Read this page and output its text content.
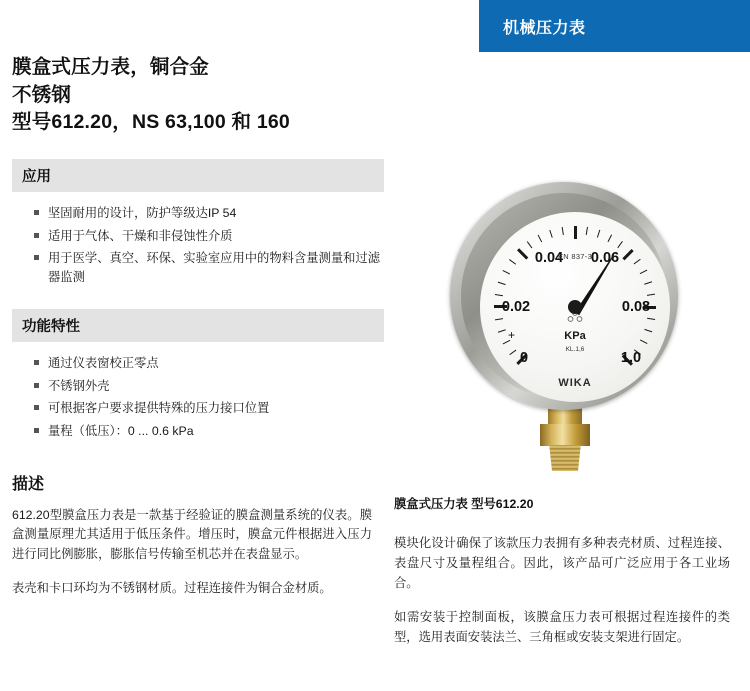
机械压力表
膜盒式压力表，铜合金
不锈钢
型号612.20，NS 63,100 和 160
应用
坚固耐用的设计，防护等级达IP 54
适用于气体、干燥和非侵蚀性介质
用于医学、真空、环保、实验室应用中的物料含量测量和过滤器监测
功能特性
通过仪表窗校正零点
不锈钢外壳
可根据客户要求提供特殊的压力接口位置
量程（低压）：0 ... 0.6 kPa
描述

612.20型膜盒压力表是一款基于经验证的膜盒测量系统的仪表。膜盒测量原理尤其适用于低压条件。增压时，膜盒元件根据进入压力进行同比例膨胀，膨胀信号传输至机芯并在表盘显示。

表壳和卡口环均为不锈钢材质。过程连接件为铜合金材质。

0
0.02
0.04 0.06
0.08
1.0
EN 837-3
KPa
KL.1,6
+
WIKA
膜盒式压力表 型号612.20

模块化设计确保了该款压力表拥有多种表壳材质、过程连接、表盘尺寸及量程组合。因此，该产品可广泛应用于各工业场合。

如需安装于控制面板，该膜盒压力表可根据过程连接件的类型，选用表面安装法兰、三角框或安装支架进行固定。
